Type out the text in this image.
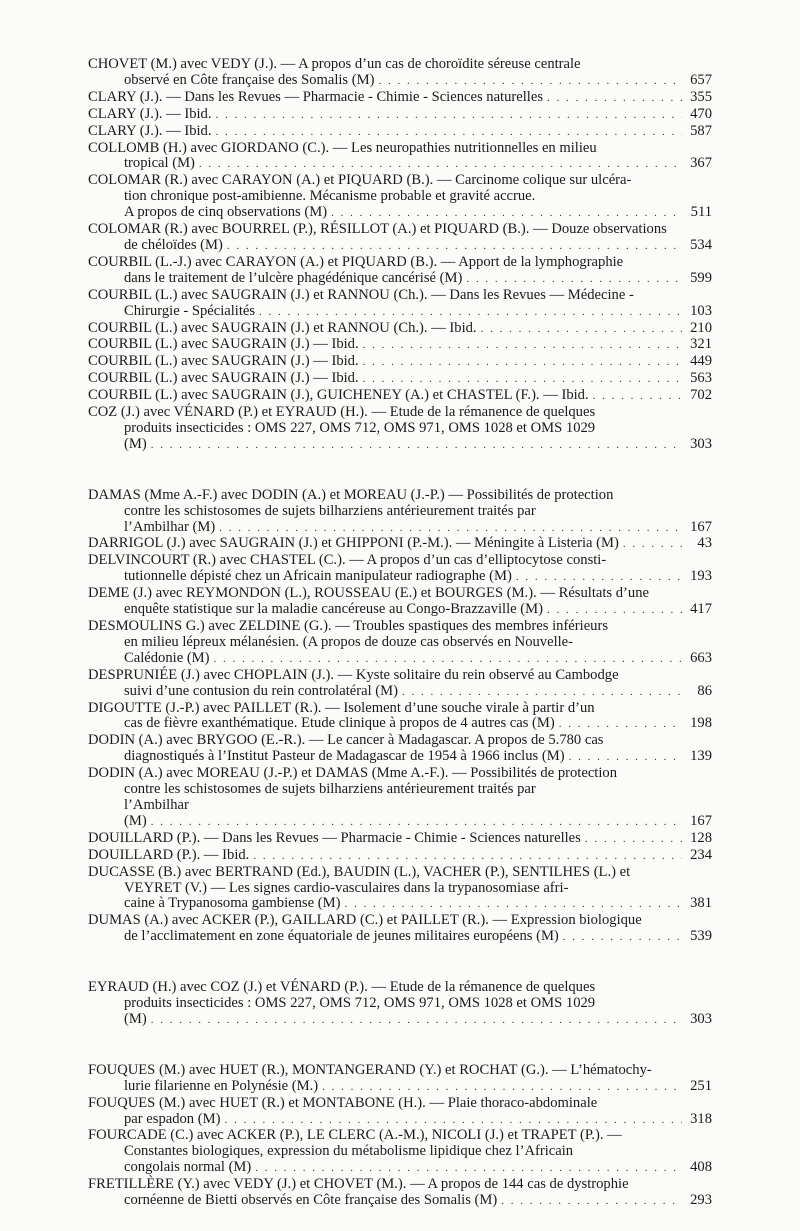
CHOVET (M.) avec VEDY (J.). — A propos d’un cas de choroïdite séreuse centrale
observé en Côte française des Somalis (M) . . .	657
CLARY (J.). — Dans les Revues — Pharmacie - Chimie - Sciences naturelles . . .	355
CLARY (J.). — Ibid. . . .	470
CLARY (J.). — Ibid. . . .	587
COLLOMB (H.) avec GIORDANO (C.). — Les neuropathies nutritionnelles en milieu
tropical (M) . . .	367
COLOMAR (R.) avec CARAYON (A.) et PIQUARD (B.). — Carcinome colique sur ulcéra-
tion chronique post-amibienne. Mécanisme probable et gravité accrue.
A propos de cinq observations (M) . . .	511
COLOMAR (R.) avec BOURREL (P.), RÉSILLOT (A.) et PIQUARD (B.). — Douze observations
de chéloïdes (M) . . .	534
COURBIL (L.-J.) avec CARAYON (A.) et PIQUARD (B.). — Apport de la lymphographie
dans le traitement de l’ulcère phagédénique cancérisé (M) . . .	599
COURBIL (L.) avec SAUGRAIN (J.) et RANNOU (Ch.). — Dans les Revues — Médecine -
Chirurgie - Spécialités . . .	103
COURBIL (L.) avec SAUGRAIN (J.) et RANNOU (Ch.). — Ibid. . . .	210
COURBIL (L.) avec SAUGRAIN (J.) — Ibid. . . .	321
COURBIL (L.) avec SAUGRAIN (J.) — Ibid. . . .	449
COURBIL (L.) avec SAUGRAIN (J.) — Ibid. . . .	563
COURBIL (L.) avec SAUGRAIN (J.), GUICHENEY (A.) et CHASTEL (F.). — Ibid. . . .	702
COZ (J.) avec VÉNARD (P.) et EYRAUD (H.). — Etude de la rémanence de quelques
produits insecticides : OMS 227, OMS 712, OMS 971, OMS 1028 et OMS 1029
(M) . . .	303
DAMAS (Mme A.-F.) avec DODIN (A.) et MOREAU (J.-P.) — Possibilités de protection
contre les schistosomes de sujets bilharziens antérieurement traités par
l’Ambilhar (M) . . .	167
DARRIGOL (J.) avec SAUGRAIN (J.) et GHIPPONI (P.-M.). — Méningite à Listeria (M) . . .	43
DELVINCOURT (R.) avec CHASTEL (C.). — A propos d’un cas d’elliptocytose consti-
tutionnelle dépisté chez un Africain manipulateur radiographe (M) . . .	193
DEME (J.) avec REYMONDON (L.), ROUSSEAU (E.) et BOURGES (M.). — Résultats d’une
enquête statistique sur la maladie cancéreuse au Congo-Brazzaville (M) . . .	417
DESMOULINS G.) avec ZELDINE (G.). — Troubles spastiques des membres inférieurs
en milieu lépreux mélanésien. (A propos de douze cas observés en Nouvelle-
Calédonie (M) . . .	663
DESPRUNIÉE (J.) avec CHOPLAIN (J.). — Kyste solitaire du rein observé au Cambodge
suivi d’une contusion du rein controlatéral (M) . . .	86
DIGOUTTE (J.-P.) avec PAILLET (R.). — Isolement d’une souche virale à partir d’un
cas de fièvre exanthématique. Etude clinique à propos de 4 autres cas (M) . . .	198
DODIN (A.) avec BRYGOO (E.-R.). — Le cancer à Madagascar. A propos de 5.780 cas
diagnostiqués à l’Institut Pasteur de Madagascar de 1954 à 1966 inclus (M) . . .	139
DODIN (A.) avec MOREAU (J.-P.) et DAMAS (Mme A.-F.). — Possibilités de protection
contre les schistosomes de sujets bilharziens antérieurement traités par
l’Ambilhar
(M) . . .	167
DOUILLARD (P.). — Dans les Revues — Pharmacie - Chimie - Sciences naturelles . . .	128
DOUILLARD (P.). — Ibid. . . .	234
DUCASSE (B.) avec BERTRAND (Ed.), BAUDIN (L.), VACHER (P.), SENTILHES (L.) et
VEYRET (V.) — Les signes cardio-vasculaires dans la trypanosomiase afri-
caine à Trypanosoma gambiense (M) . . .	381
DUMAS (A.) avec ACKER (P.), GAILLARD (C.) et PAILLET (R.). — Expression biologique
de l’acclimatement en zone équatoriale de jeunes militaires européens (M) . . .	539
EYRAUD (H.) avec COZ (J.) et VÉNARD (P.). — Etude de la rémanence de quelques
produits insecticides : OMS 227, OMS 712, OMS 971, OMS 1028 et OMS 1029
(M) . . .	303
FOUQUES (M.) avec HUET (R.), MONTANGERAND (Y.) et ROCHAT (G.). — L’hématochy-
lurie filarienne en Polynésie (M.) . . .	251
FOUQUES (M.) avec HUET (R.) et MONTABONE (H.). — Plaie thoraco-abdominale
par espadon (M) . . .	318
FOURCADE (C.) avec ACKER (P.), LE CLERC (A.-M.), NICOLI (J.) et TRAPET (P.). —
Constantes biologiques, expression du métabolisme lipidique chez l’Africain
congolais normal (M) . . .	408
FRETILLÈRE (Y.) avec VEDY (J.) et CHOVET (M.). — A propos de 144 cas de dystrophie
cornéenne de Bietti observés en Côte française des Somalis (M) . . .	293
